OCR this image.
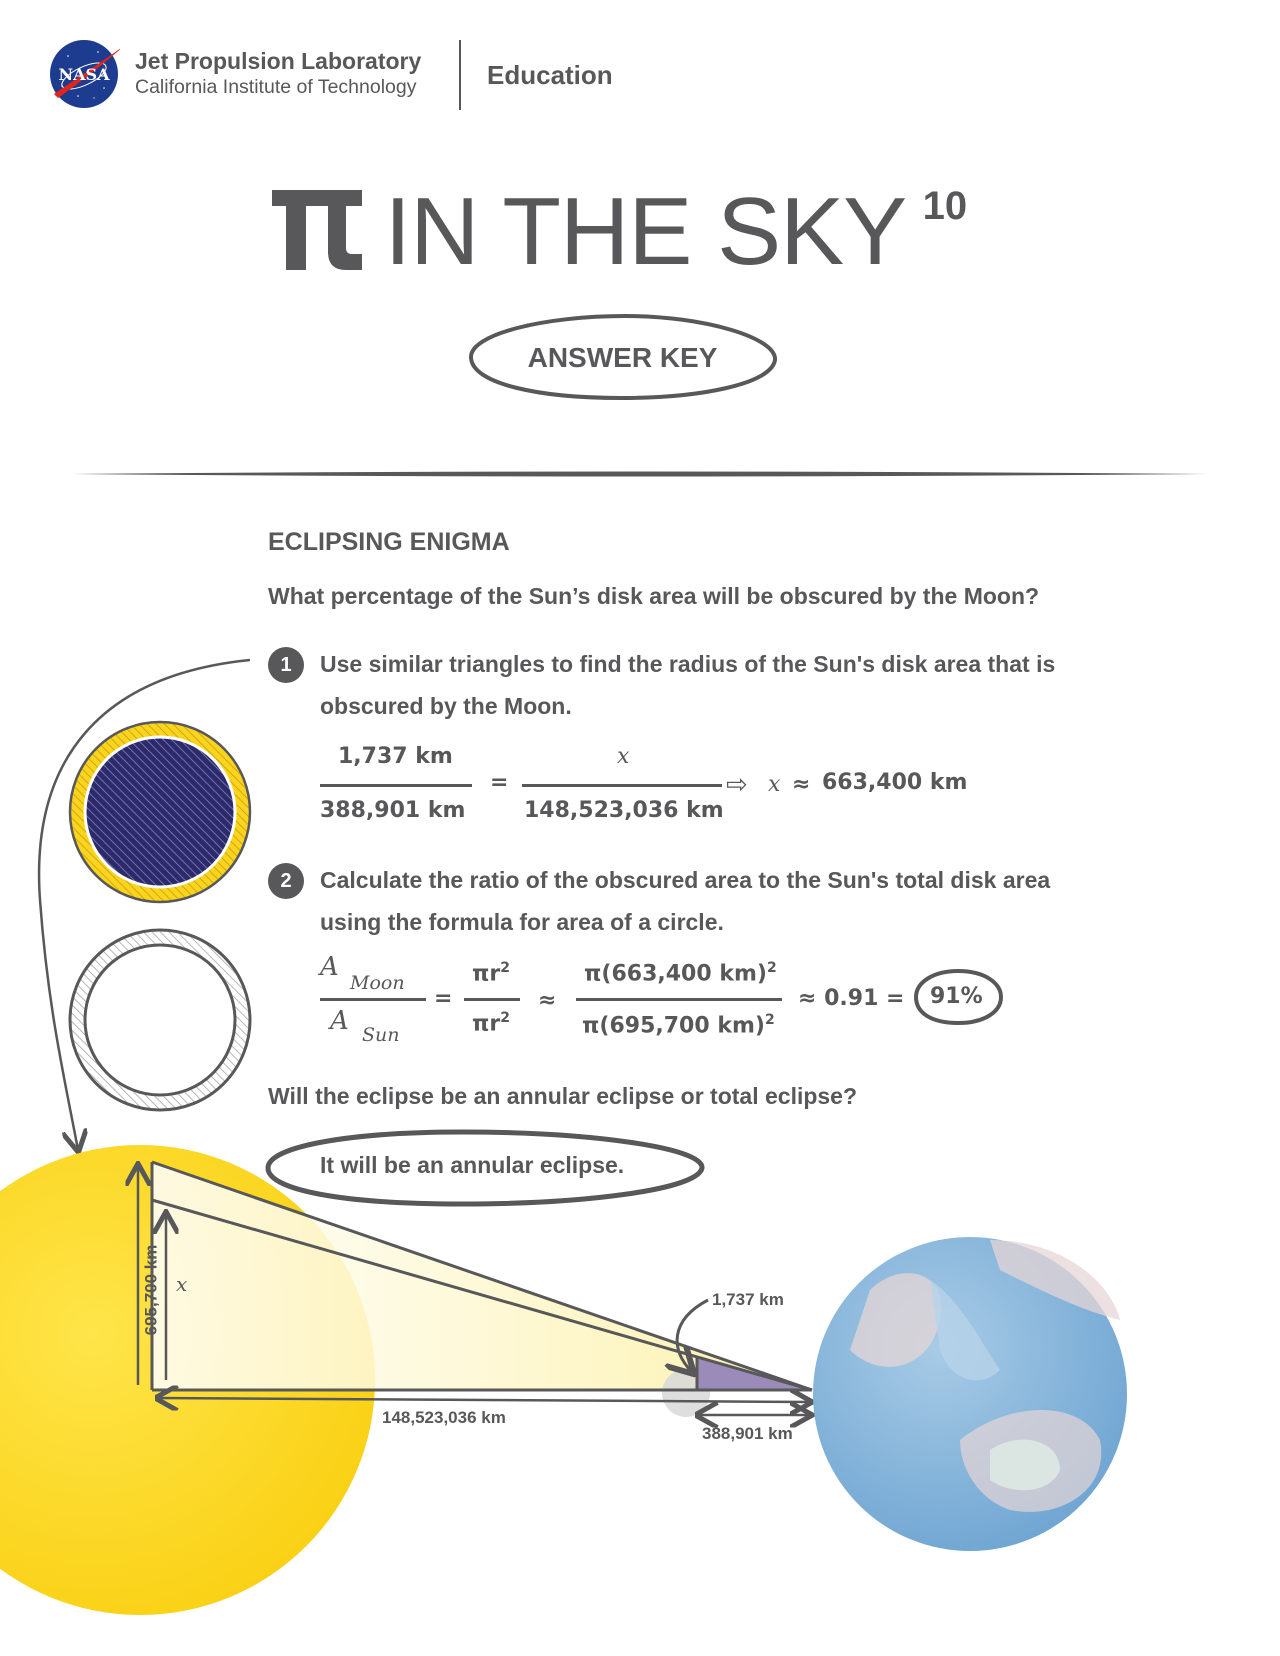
NASA
Jet Propulsion Laboratory
California Institute of Technology	Education
IN THE SKY 10
ANSWER KEY
ECLIPSING ENIGMA
What percentage of the Sun’s disk area will be obscured by the Moon?
1	Use similar triangles to find the radius of the Sun's disk area that is
obscured by the Moon.
1,737 km
388,901 km
=
x
148,523,036 km
⇨ x ≈ 663,400 km
2	Calculate the ratio of the obscured area to the Sun's total disk area
using the formula for area of a circle.
A
Moon
A Sun
=
$\pi r^2$
$\pi r^2$
≈
π(663,400 km)$^2$
π(695,700 km)$^2$
≈ 0.91 = 91%
Will the eclipse be an annular eclipse or total eclipse?
It will be an annular eclipse.
695,700 km x
148,523,036 km
1,737 km
388,901 km
